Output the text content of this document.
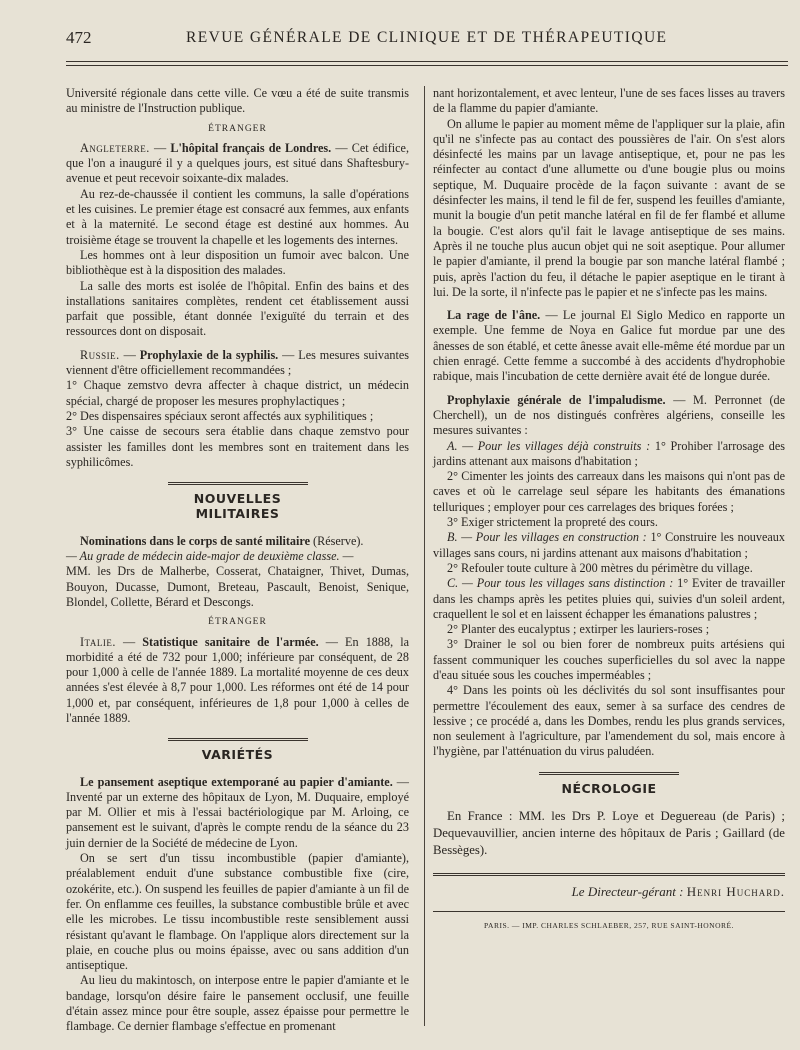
472	REVUE GÉNÉRALE DE CLINIQUE ET DE THÉRAPEUTIQUE

Université régionale dans cette ville. Ce vœu a été de suite transmis au ministre de l'Instruction publique.

ÉTRANGER

Angleterre. — L'hôpital français de Londres. — Cet édifice, que l'on a inauguré il y a quelques jours, est situé dans Shaftesbury-avenue et peut recevoir soixante-dix malades.

Au rez-de-chaussée il contient les communs, la salle d'opérations et les cuisines. Le premier étage est consacré aux femmes, aux enfants et à la maternité. Le second étage est destiné aux hommes. Au troisième étage se trouvent la chapelle et les logements des internes.

Les hommes ont à leur disposition un fumoir avec balcon. Une bibliothèque est à la disposition des malades.

La salle des morts est isolée de l'hôpital. Enfin des bains et des installations sanitaires complètes, rendent cet établissement aussi parfait que possible, étant donnée l'exiguïté du terrain et des ressources dont on disposait.

Russie. — Prophylaxie de la syphilis. — Les mesures suivantes viennent d'être officiellement recommandées ;

1° Chaque zemstvo devra affecter à chaque district, un médecin spécial, chargé de proposer les mesures prophylactiques ;

2° Des dispensaires spéciaux seront affectés aux syphilitiques ;

3° Une caisse de secours sera établie dans chaque zemstvo pour assister les familles dont les membres sont en traitement dans les syphilicômes.

NOUVELLES MILITAIRES

Nominations dans le corps de santé militaire (Réserve).

— Au grade de médecin aide-major de deuxième classe. —

MM. les Drs de Malherbe, Cosserat, Chataigner, Thivet, Dumas, Bouyon, Ducasse, Dumont, Breteau, Pascault, Benoist, Senique, Blondel, Collette, Bérard et Descongs.

ÉTRANGER

Italie. — Statistique sanitaire de l'armée. — En 1888, la morbidité a été de 732 pour 1,000; inférieure par conséquent, de 28 pour 1,000 à celle de l'année 1889. La mortalité moyenne de ces deux années s'est élevée à 8,7 pour 1,000. Les réformes ont été de 14 pour 1,000 et, par conséquent, inférieures de 1,8 pour 1,000 à celles de l'année 1889.

VARIÉTÉS

Le pansement aseptique extemporané au papier d'amiante. — Inventé par un externe des hôpitaux de Lyon, M. Duquaire, employé par M. Ollier et mis à l'essai bactériologique par M. Arloing, ce pansement est le suivant, d'après le compte rendu de la séance du 23 juin dernier de la Société de médecine de Lyon.

On se sert d'un tissu incombustible (papier d'amiante), préalablement enduit d'une substance combustible fixe (cire, ozokérite, etc.). On suspend les feuilles de papier d'amiante à un fil de fer. On enflamme ces feuilles, la substance combustible brûle et avec elle les microbes. Le tissu incombustible reste sensiblement aussi résistant qu'avant le flambage. On l'applique alors directement sur la plaie, en couche plus ou moins épaisse, avec ou sans addition d'un antiseptique.

Au lieu du makintosch, on interpose entre le papier d'amiante et le bandage, lorsqu'on désire faire le pansement occlusif, une feuille d'étain assez mince pour être souple, assez épaisse pour permettre le flambage. Ce dernier flambage s'effectue en promenant

nant horizontalement, et avec lenteur, l'une de ses faces lisses au travers de la flamme du papier d'amiante.

On allume le papier au moment même de l'appliquer sur la plaie, afin qu'il ne s'infecte pas au contact des poussières de l'air. On s'est alors désinfecté les mains par un lavage antiseptique, et, pour ne pas les réinfecter au contact d'une allumette ou d'une bougie plus ou moins septique, M. Duquaire procède de la façon suivante : avant de se désinfecter les mains, il tend le fil de fer, suspend les feuilles d'amiante, munit la bougie d'un petit manche latéral en fil de fer flambé et allume la bougie. C'est alors qu'il fait le lavage antiseptique de ses mains. Après il ne touche plus aucun objet qui ne soit aseptique. Pour allumer le papier d'amiante, il prend la bougie par son manche latéral flambé ; puis, après l'action du feu, il détache le papier aseptique en le tirant à lui. De la sorte, il n'infecte pas le papier et ne s'infecte pas les mains.

La rage de l'âne. — Le journal El Siglo Medico en rapporte un exemple. Une femme de Noya en Galice fut mordue par une des ânesses de son établé, et cette ânesse avait elle-même été mordue par un chien enragé. Cette femme a succombé à des accidents d'hydrophobie rabique, mais l'incubation de cette dernière avait été de longue durée.

Prophylaxie générale de l'impaludisme. — M. Perronnet (de Cherchell), un de nos distingués confrères algériens, conseille les mesures suivantes :

A. — Pour les villages déjà construits : 1° Prohiber l'arrosage des jardins attenant aux maisons d'habitation ;

2° Cimenter les joints des carreaux dans les maisons qui n'ont pas de caves et où le carrelage seul sépare les habitants des émanations telluriques ; employer pour ces carrelages des briques forées ;

3° Exiger strictement la propreté des cours.

B. — Pour les villages en construction : 1° Construire les nouveaux villages sans cours, ni jardins attenant aux maisons d'habitation ;

2° Refouler toute culture à 200 mètres du périmètre du village.

C. — Pour tous les villages sans distinction : 1° Eviter de travailler dans les champs après les petites pluies qui, suivies d'un soleil ardent, craquellent le sol et en laissent échapper les émanations palustres ;

2° Planter des eucalyptus ; extirper les lauriers-roses ;

3° Drainer le sol ou bien forer de nombreux puits artésiens qui fassent communiquer les couches superficielles du sol avec la nappe d'eau située sous les couches imperméables ;

4° Dans les points où les déclivités du sol sont insuffisantes pour permettre l'écoulement des eaux, semer à sa surface des cendres de lessive ; ce procédé a, dans les Dombes, rendu les plus grands services, non seulement à l'agriculture, par l'amendement du sol, mais encore à l'hygiène, par l'atténuation du virus paludéen.

NÉCROLOGIE

En France : MM. les Drs P. Loye et Deguereau (de Paris) ; Dequevauvillier, ancien interne des hôpitaux de Paris ; Gaillard (de Bessèges).

Le Directeur-gérant : Henri Huchard.
PARIS. — IMP. CHARLES SCHLAEBER, 257, RUE SAINT-HONORÉ.
